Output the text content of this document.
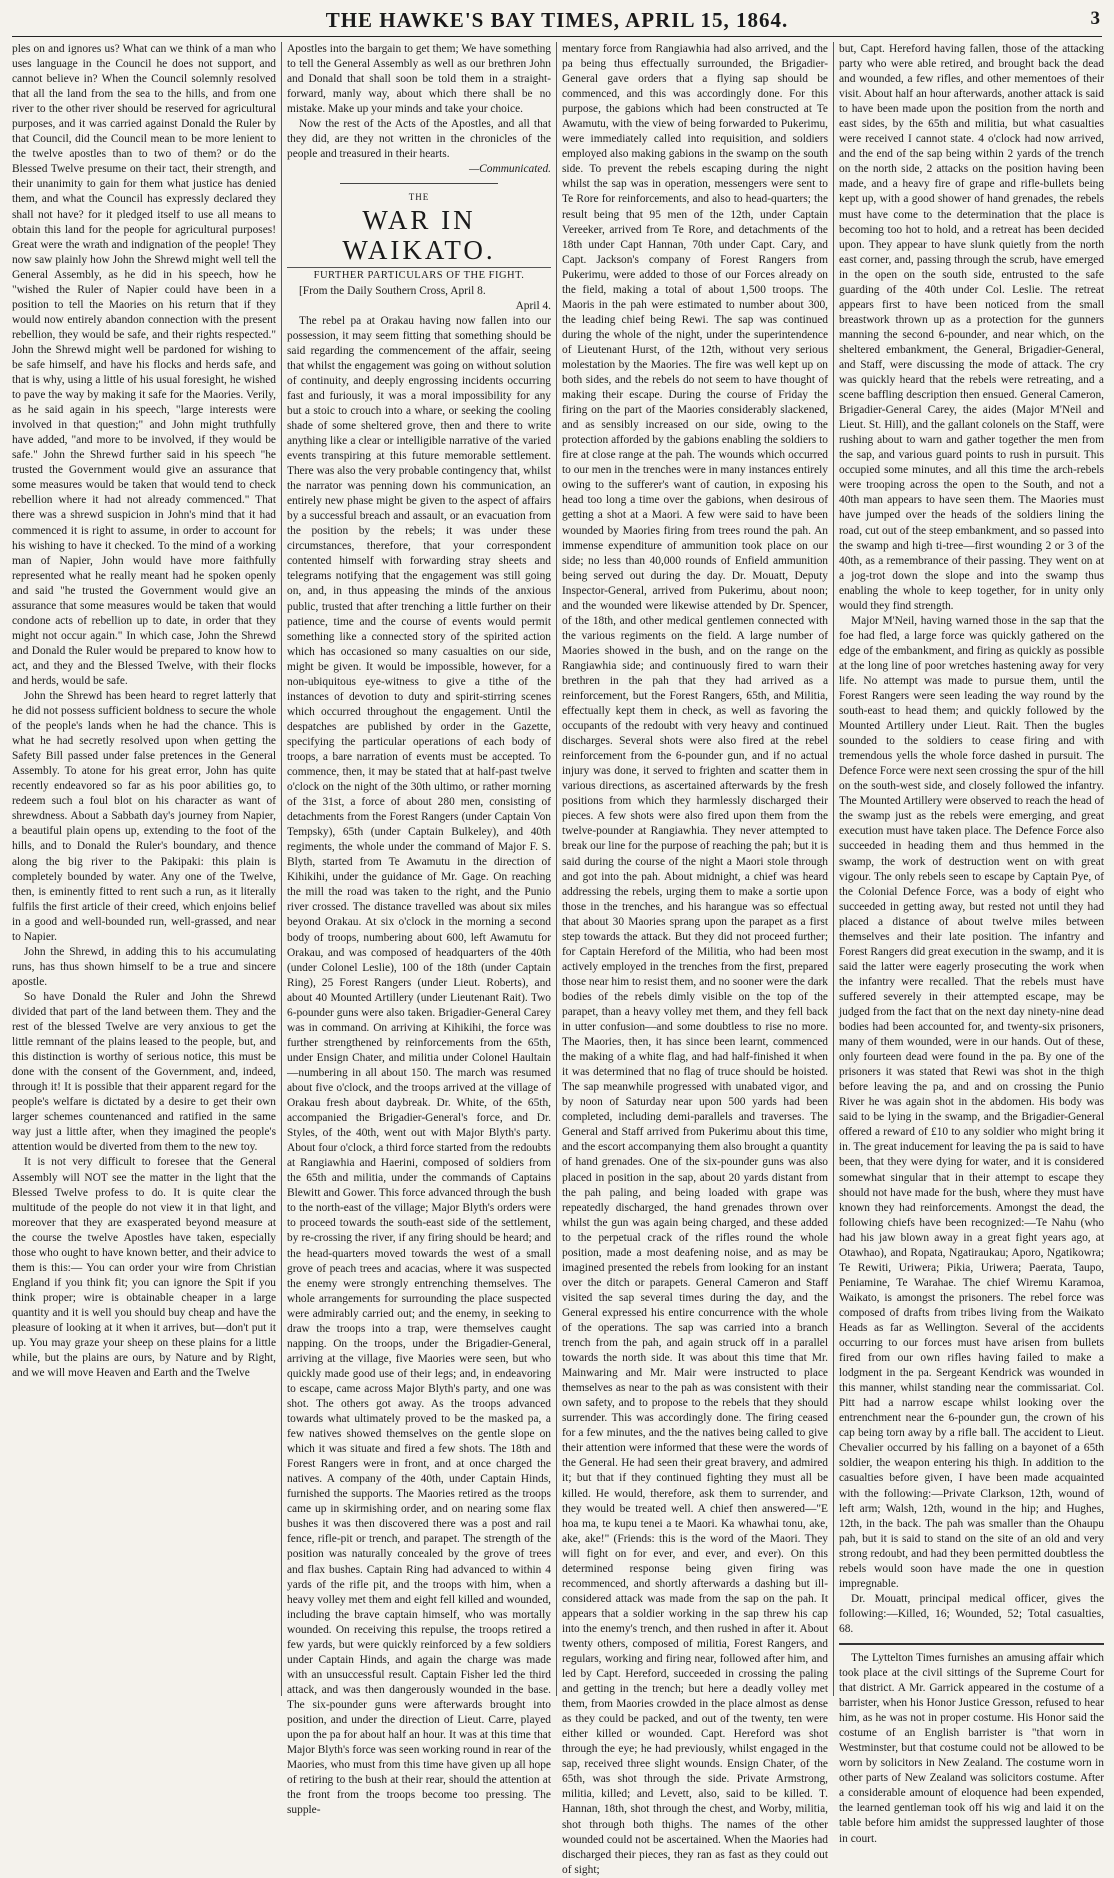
THE HAWKE'S BAY TIMES, APRIL 15, 1864.	3

ples on and ignores us? What can we think of a man who uses language in the Council he does not support, and cannot believe in? When the Council solemnly resolved that all the land from the sea to the hills, and from one river to the other river should be reserved for agricultural purposes, and it was carried against Donald the Ruler by that Council, did the Council mean to be more lenient to the twelve apostles than to two of them? or do the Blessed Twelve presume on their tact, their strength, and their unanimity to gain for them what justice has denied them, and what the Council has expressly declared they shall not have? for it pledged itself to use all means to obtain this land for the people for agricultural purposes! Great were the wrath and indignation of the people! They now saw plainly how John the Shrewd might well tell the General Assembly, as he did in his speech, how he "wished the Ruler of Napier could have been in a position to tell the Maories on his return that if they would now entirely abandon connection with the present rebellion, they would be safe, and their rights respected." John the Shrewd might well be pardoned for wishing to be safe himself, and have his flocks and herds safe, and that is why, using a little of his usual foresight, he wished to pave the way by making it safe for the Maories. Verily, as he said again in his speech, "large interests were involved in that question;" and John might truthfully have added, "and more to be involved, if they would be safe." John the Shrewd further said in his speech "he trusted the Government would give an assurance that some measures would be taken that would tend to check rebellion where it had not already commenced." That there was a shrewd suspicion in John's mind that it had commenced it is right to assume, in order to account for his wishing to have it checked. To the mind of a working man of Napier, John would have more faithfully represented what he really meant had he spoken openly and said "he trusted the Government would give an assurance that some measures would be taken that would condone acts of rebellion up to date, in order that they might not occur again." In which case, John the Shrewd and Donald the Ruler would be prepared to know how to act, and they and the Blessed Twelve, with their flocks and herds, would be safe.

John the Shrewd has been heard to regret latterly that he did not possess sufficient boldness to secure the whole of the people's lands when he had the chance. This is what he had secretly resolved upon when getting the Safety Bill passed under false pretences in the General Assembly. To atone for his great error, John has quite recently endeavored so far as his poor abilities go, to redeem such a foul blot on his character as want of shrewdness. About a Sabbath day's journey from Napier, a beautiful plain opens up, extending to the foot of the hills, and to Donald the Ruler's boundary, and thence along the big river to the Pakipaki: this plain is completely bounded by water. Any one of the Twelve, then, is eminently fitted to rent such a run, as it literally fulfils the first article of their creed, which enjoins belief in a good and well-bounded run, well-grassed, and near to Napier.

John the Shrewd, in adding this to his accumulating runs, has thus shown himself to be a true and sincere apostle.

So have Donald the Ruler and John the Shrewd divided that part of the land between them. They and the rest of the blessed Twelve are very anxious to get the little remnant of the plains leased to the people, but, and this distinction is worthy of serious notice, this must be done with the consent of the Government, and, indeed, through it! It is possible that their apparent regard for the people's welfare is dictated by a desire to get their own larger schemes countenanced and ratified in the same way just a little after, when they imagined the people's attention would be diverted from them to the new toy.

It is not very difficult to foresee that the General Assembly will NOT see the matter in the light that the Blessed Twelve profess to do. It is quite clear the multitude of the people do not view it in that light, and moreover that they are exasperated beyond measure at the course the twelve Apostles have taken, especially those who ought to have known better, and their advice to them is this:— You can order your wire from Christian England if you think fit; you can ignore the Spit if you think proper; wire is obtainable cheaper in a large quantity and it is well you should buy cheap and have the pleasure of looking at it when it arrives, but—don't put it up. You may graze your sheep on these plains for a little while, but the plains are ours, by Nature and by Right, and we will move Heaven and Earth and the Twelve

Apostles into the bargain to get them; We have something to tell the General Assembly as well as our brethren John and Donald that shall soon be told them in a straight-forward, manly way, about which there shall be no mistake. Make up your minds and take your choice.

Now the rest of the Acts of the Apostles, and all that they did, are they not written in the chronicles of the people and treasured in their hearts.

—Communicated.

THE

WAR IN WAIKATO.

FURTHER PARTICULARS OF THE FIGHT.

[From the Daily Southern Cross, April 8.

April 4.

The rebel pa at Orakau having now fallen into our possession, it may seem fitting that something should be said regarding the commencement of the affair, seeing that whilst the engagement was going on without solution of continuity, and deeply engrossing incidents occurring fast and furiously, it was a moral impossibility for any but a stoic to crouch into a whare, or seeking the cooling shade of some sheltered grove, then and there to write anything like a clear or intelligible narrative of the varied events transpiring at this future memorable settlement. There was also the very probable contingency that, whilst the narrator was penning down his communication, an entirely new phase might be given to the aspect of affairs by a successful breach and assault, or an evacuation from the position by the rebels; it was under these circumstances, therefore, that your correspondent contented himself with forwarding stray sheets and telegrams notifying that the engagement was still going on, and, in thus appeasing the minds of the anxious public, trusted that after trenching a little further on their patience, time and the course of events would permit something like a connected story of the spirited action which has occasioned so many casualties on our side, might be given. It would be impossible, however, for a non-ubiquitous eye-witness to give a tithe of the instances of devotion to duty and spirit-stirring scenes which occurred throughout the engagement. Until the despatches are published by order in the Gazette, specifying the particular operations of each body of troops, a bare narration of events must be accepted. To commence, then, it may be stated that at half-past twelve o'clock on the night of the 30th ultimo, or rather morning of the 31st, a force of about 280 men, consisting of detachments from the Forest Rangers (under Captain Von Tempsky), 65th (under Captain Bulkeley), and 40th regiments, the whole under the command of Major F. S. Blyth, started from Te Awamutu in the direction of Kihikihi, under the guidance of Mr. Gage. On reaching the mill the road was taken to the right, and the Punio river crossed. The distance travelled was about six miles beyond Orakau. At six o'clock in the morning a second body of troops, numbering about 600, left Awamutu for Orakau, and was composed of headquarters of the 40th (under Colonel Leslie), 100 of the 18th (under Captain Ring), 25 Forest Rangers (under Lieut. Roberts), and about 40 Mounted Artillery (under Lieutenant Rait). Two 6-pounder guns were also taken. Brigadier-General Carey was in command. On arriving at Kihikihi, the force was further strengthened by reinforcements from the 65th, under Ensign Chater, and militia under Colonel Haultain—numbering in all about 150. The march was resumed about five o'clock, and the troops arrived at the village of Orakau fresh about daybreak. Dr. White, of the 65th, accompanied the Brigadier-General's force, and Dr. Styles, of the 40th, went out with Major Blyth's party. About four o'clock, a third force started from the redoubts at Rangiawhia and Haerini, composed of soldiers from the 65th and militia, under the commands of Captains Blewitt and Gower. This force advanced through the bush to the north-east of the village; Major Blyth's orders were to proceed towards the south-east side of the settlement, by re-crossing the river, if any firing should be heard; and the head-quarters moved towards the west of a small grove of peach trees and acacias, where it was suspected the enemy were strongly entrenching themselves. The whole arrangements for surrounding the place suspected were admirably carried out; and the enemy, in seeking to draw the troops into a trap, were themselves caught napping. On the troops, under the Brigadier-General, arriving at the village, five Maories were seen, but who quickly made good use of their legs; and, in endeavoring to escape, came across Major Blyth's party, and one was shot. The others got away. As the troops advanced towards what ultimately proved to be the masked pa, a few natives showed themselves on the gentle slope on which it was situate and fired a few shots. The 18th and Forest Rangers were in front, and at once charged the natives. A company of the 40th, under Captain Hinds, furnished the supports. The Maories retired as the troops came up in skirmishing order, and on nearing some flax bushes it was then discovered there was a post and rail fence, rifle-pit or trench, and parapet. The strength of the position was naturally concealed by the grove of trees and flax bushes. Captain Ring had advanced to within 4 yards of the rifle pit, and the troops with him, when a heavy volley met them and eight fell killed and wounded, including the brave captain himself, who was mortally wounded. On receiving this repulse, the troops retired a few yards, but were quickly reinforced by a few soldiers under Captain Hinds, and again the charge was made with an unsuccessful result. Captain Fisher led the third attack, and was then dangerously wounded in the base. The six-pounder guns were afterwards brought into position, and under the direction of Lieut. Carre, played upon the pa for about half an hour. It was at this time that Major Blyth's force was seen working round in rear of the Maories, who must from this time have given up all hope of retiring to the bush at their rear, should the attention at the front from the troops become too pressing. The supple-

mentary force from Rangiawhia had also arrived, and the pa being thus effectually surrounded, the Brigadier-General gave orders that a flying sap should be commenced, and this was accordingly done. For this purpose, the gabions which had been constructed at Te Awamutu, with the view of being forwarded to Pukerimu, were immediately called into requisition, and soldiers employed also making gabions in the swamp on the south side. To prevent the rebels escaping during the night whilst the sap was in operation, messengers were sent to Te Rore for reinforcements, and also to head-quarters; the result being that 95 men of the 12th, under Captain Vereeker, arrived from Te Rore, and detachments of the 18th under Capt Hannan, 70th under Capt. Cary, and Capt. Jackson's company of Forest Rangers from Pukerimu, were added to those of our Forces already on the field, making a total of about 1,500 troops. The Maoris in the pah were estimated to number about 300, the leading chief being Rewi. The sap was continued during the whole of the night, under the superintendence of Lieutenant Hurst, of the 12th, without very serious molestation by the Maories. The fire was well kept up on both sides, and the rebels do not seem to have thought of making their escape. During the course of Friday the firing on the part of the Maories considerably slackened, and as sensibly increased on our side, owing to the protection afforded by the gabions enabling the soldiers to fire at close range at the pah. The wounds which occurred to our men in the trenches were in many instances entirely owing to the sufferer's want of caution, in exposing his head too long a time over the gabions, when desirous of getting a shot at a Maori. A few were said to have been wounded by Maories firing from trees round the pah. An immense expenditure of ammunition took place on our side; no less than 40,000 rounds of Enfield ammunition being served out during the day. Dr. Mouatt, Deputy Inspector-General, arrived from Pukerimu, about noon; and the wounded were likewise attended by Dr. Spencer, of the 18th, and other medical gentlemen connected with the various regiments on the field. A large number of Maories showed in the bush, and on the range on the Rangiawhia side; and continuously fired to warn their brethren in the pah that they had arrived as a reinforcement, but the Forest Rangers, 65th, and Militia, effectually kept them in check, as well as favoring the occupants of the redoubt with very heavy and continued discharges. Several shots were also fired at the rebel reinforcement from the 6-pounder gun, and if no actual injury was done, it served to frighten and scatter them in various directions, as ascertained afterwards by the fresh positions from which they harmlessly discharged their pieces. A few shots were also fired upon them from the twelve-pounder at Rangiawhia. They never attempted to break our line for the purpose of reaching the pah; but it is said during the course of the night a Maori stole through and got into the pah. About midnight, a chief was heard addressing the rebels, urging them to make a sortie upon those in the trenches, and his harangue was so effectual that about 30 Maories sprang upon the parapet as a first step towards the attack. But they did not proceed further; for Captain Hereford of the Militia, who had been most actively employed in the trenches from the first, prepared those near him to resist them, and no sooner were the dark bodies of the rebels dimly visible on the top of the parapet, than a heavy volley met them, and they fell back in utter confusion—and some doubtless to rise no more. The Maories, then, it has since been learnt, commenced the making of a white flag, and had half-finished it when it was determined that no flag of truce should be hoisted. The sap meanwhile progressed with unabated vigor, and by noon of Saturday near upon 500 yards had been completed, including demi-parallels and traverses. The General and Staff arrived from Pukerimu about this time, and the escort accompanying them also brought a quantity of hand grenades. One of the six-pounder guns was also placed in position in the sap, about 20 yards distant from the pah paling, and being loaded with grape was repeatedly discharged, the hand grenades thrown over whilst the gun was again being charged, and these added to the perpetual crack of the rifles round the whole position, made a most deafening noise, and as may be imagined presented the rebels from looking for an instant over the ditch or parapets. General Cameron and Staff visited the sap several times during the day, and the General expressed his entire concurrence with the whole of the operations. The sap was carried into a branch trench from the pah, and again struck off in a parallel towards the north side. It was about this time that Mr. Mainwaring and Mr. Mair were instructed to place themselves as near to the pah as was consistent with their own safety, and to propose to the rebels that they should surrender. This was accordingly done. The firing ceased for a few minutes, and the the natives being called to give their attention were informed that these were the words of the General. He had seen their great bravery, and admired it; but that if they continued fighting they must all be killed. He would, therefore, ask them to surrender, and they would be treated well. A chief then answered—"E hoa ma, te kupu tenei a te Maori. Ka whawhai tonu, ake, ake, ake!" (Friends: this is the word of the Maori. They will fight on for ever, and ever, and ever). On this determined response being given firing was recommenced, and shortly afterwards a dashing but ill-considered attack was made from the sap on the pah. It appears that a soldier working in the sap threw his cap into the enemy's trench, and then rushed in after it. About twenty others, composed of militia, Forest Rangers, and regulars, working and firing near, followed after him, and led by Capt. Hereford, succeeded in crossing the paling and getting in the trench; but here a deadly volley met them, from Maories crowded in the place almost as dense as they could be packed, and out of the twenty, ten were either killed or wounded. Capt. Hereford was shot through the eye; he had previously, whilst engaged in the sap, received three slight wounds. Ensign Chater, of the 65th, was shot through the side. Private Armstrong, militia, killed; and Levett, also, said to be killed. T. Hannan, 18th, shot through the chest, and Worby, militia, shot through both thighs. The names of the other wounded could not be ascertained. When the Maories had discharged their pieces, they ran as fast as they could out of sight;

but, Capt. Hereford having fallen, those of the attacking party who were able retired, and brought back the dead and wounded, a few rifles, and other mementoes of their visit. About half an hour afterwards, another attack is said to have been made upon the position from the north and east sides, by the 65th and militia, but what casualties were received I cannot state. 4 o'clock had now arrived, and the end of the sap being within 2 yards of the trench on the north side, 2 attacks on the position having been made, and a heavy fire of grape and rifle-bullets being kept up, with a good shower of hand grenades, the rebels must have come to the determination that the place is becoming too hot to hold, and a retreat has been decided upon. They appear to have slunk quietly from the north east corner, and, passing through the scrub, have emerged in the open on the south side, entrusted to the safe guarding of the 40th under Col. Leslie. The retreat appears first to have been noticed from the small breastwork thrown up as a protection for the gunners manning the second 6-pounder, and near which, on the sheltered embankment, the General, Brigadier-General, and Staff, were discussing the mode of attack. The cry was quickly heard that the rebels were retreating, and a scene baffling description then ensued. General Cameron, Brigadier-General Carey, the aides (Major M'Neil and Lieut. St. Hill), and the gallant colonels on the Staff, were rushing about to warn and gather together the men from the sap, and various guard points to rush in pursuit. This occupied some minutes, and all this time the arch-rebels were trooping across the open to the South, and not a 40th man appears to have seen them. The Maories must have jumped over the heads of the soldiers lining the road, cut out of the steep embankment, and so passed into the swamp and high ti-tree—first wounding 2 or 3 of the 40th, as a remembrance of their passing. They went on at a jog-trot down the slope and into the swamp thus enabling the whole to keep together, for in unity only would they find strength.

Major M'Neil, having warned those in the sap that the foe had fled, a large force was quickly gathered on the edge of the embankment, and firing as quickly as possible at the long line of poor wretches hastening away for very life. No attempt was made to pursue them, until the Forest Rangers were seen leading the way round by the south-east to head them; and quickly followed by the Mounted Artillery under Lieut. Rait. Then the bugles sounded to the soldiers to cease firing and with tremendous yells the whole force dashed in pursuit. The Defence Force were next seen crossing the spur of the hill on the south-west side, and closely followed the infantry. The Mounted Artillery were observed to reach the head of the swamp just as the rebels were emerging, and great execution must have taken place. The Defence Force also succeeded in heading them and thus hemmed in the swamp, the work of destruction went on with great vigour. The only rebels seen to escape by Captain Pye, of the Colonial Defence Force, was a body of eight who succeeded in getting away, but rested not until they had placed a distance of about twelve miles between themselves and their late position. The infantry and Forest Rangers did great execution in the swamp, and it is said the latter were eagerly prosecuting the work when the infantry were recalled. That the rebels must have suffered severely in their attempted escape, may be judged from the fact that on the next day ninety-nine dead bodies had been accounted for, and twenty-six prisoners, many of them wounded, were in our hands. Out of these, only fourteen dead were found in the pa. By one of the prisoners it was stated that Rewi was shot in the thigh before leaving the pa, and and on crossing the Punio River he was again shot in the abdomen. His body was said to be lying in the swamp, and the Brigadier-General offered a reward of £10 to any soldier who might bring it in. The great inducement for leaving the pa is said to have been, that they were dying for water, and it is considered somewhat singular that in their attempt to escape they should not have made for the bush, where they must have known they had reinforcements. Amongst the dead, the following chiefs have been recognized:—Te Nahu (who had his jaw blown away in a great fight years ago, at Otawhao), and Ropata, Ngatiraukau; Aporo, Ngatikowra; Te Rewiti, Uriwera; Pikia, Uriwera; Paerata, Taupo, Peniamine, Te Warahae. The chief Wiremu Karamoa, Waikato, is amongst the prisoners. The rebel force was composed of drafts from tribes living from the Waikato Heads as far as Wellington. Several of the accidents occurring to our forces must have arisen from bullets fired from our own rifles having failed to make a lodgment in the pa. Sergeant Kendrick was wounded in this manner, whilst standing near the commissariat. Col. Pitt had a narrow escape whilst looking over the entrenchment near the 6-pounder gun, the crown of his cap being torn away by a rifle ball. The accident to Lieut. Chevalier occurred by his falling on a bayonet of a 65th soldier, the weapon entering his thigh. In addition to the casualties before given, I have been made acquainted with the following:—Private Clarkson, 12th, wound of left arm; Walsh, 12th, wound in the hip; and Hughes, 12th, in the back. The pah was smaller than the Ohaupu pah, but it is said to stand on the site of an old and very strong redoubt, and had they been permitted doubtless the rebels would soon have made the one in question impregnable.

Dr. Mouatt, principal medical officer, gives the following:—Killed, 16; Wounded, 52; Total casualties, 68.

The Lyttelton Times furnishes an amusing affair which took place at the civil sittings of the Supreme Court for that district. A Mr. Garrick appeared in the costume of a barrister, when his Honor Justice Gresson, refused to hear him, as he was not in proper costume. His Honor said the costume of an English barrister is "that worn in Westminster, but that costume could not be allowed to be worn by solicitors in New Zealand. The costume worn in other parts of New Zealand was solicitors costume. After a considerable amount of eloquence had been expended, the learned gentleman took off his wig and laid it on the table before him amidst the suppressed laughter of those in court.
